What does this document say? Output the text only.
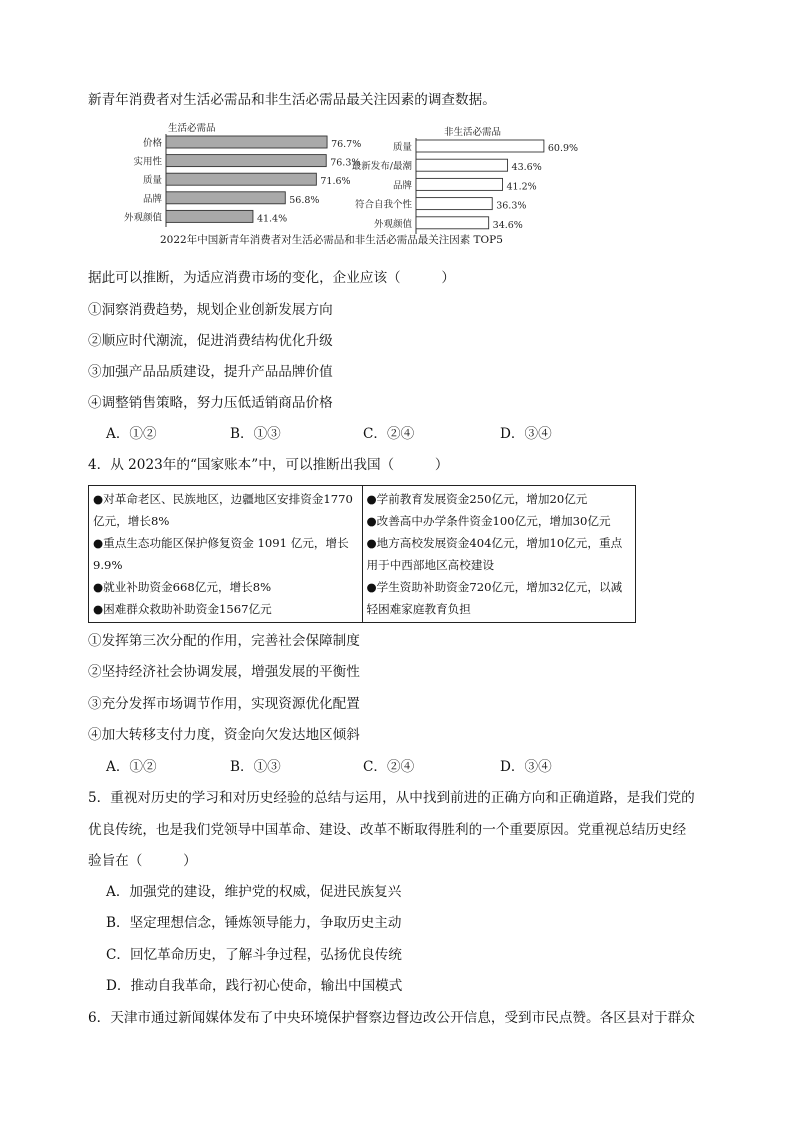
新青年消费者对生活必需品和非生活必需品最关注因素的调查数据。
生活必需品
价格	76.7%
实用性	76.3%
质量	71.6%
品牌	56.8%
外观颜值	41.4%
非生活必需品
质量	60.9%
最新发布/最潮	43.6%
品牌	41.2%
符合自我个性	36.3%
外观颜值	34.6%
2022年中国新青年消费者对生活必需品和非生活必需品最关注因素 TOP5
据此可以推断，为适应消费市场的变化，企业应该（　　　）
①洞察消费趋势，规划企业创新发展方向
②顺应时代潮流，促进消费结构优化升级
③加强产品品质建设，提升产品品牌价值
④调整销售策略，努力压低适销商品价格
A．①②	B．①③	C．②④	D．③④
4．从 2023年的“国家账本”中，可以推断出我国（　　　）
●对革命老区、民族地区，边疆地区安排资金1770亿元，增长8%
●重点生态功能区保护修复资金 1091 亿元，增长9.9%
●就业补助资金668亿元，增长8%
●困难群众救助补助资金1567亿元

●学前教育发展资金250亿元，增加20亿元
●改善高中办学条件资金100亿元，增加30亿元
●地方高校发展资金404亿元，增加10亿元，重点用于中西部地区高校建设
●学生资助补助资金720亿元，增加32亿元，以减轻困难家庭教育负担
①发挥第三次分配的作用，完善社会保障制度
②坚持经济社会协调发展，增强发展的平衡性
③充分发挥市场调节作用，实现资源优化配置
④加大转移支付力度，资金向欠发达地区倾斜
A．①②	B．①③	C．②④	D．③④
5．重视对历史的学习和对历史经验的总结与运用，从中找到前进的正确方向和正确道路，是我们党的
优良传统，也是我们党领导中国革命、建设、改革不断取得胜利的一个重要原因。党重视总结历史经
验旨在（　　　）
A．加强党的建设，维护党的权威，促进民族复兴
B．坚定理想信念，锤炼领导能力，争取历史主动
C．回忆革命历史，了解斗争过程，弘扬优良传统
D．推动自我革命，践行初心使命，输出中国模式
6．天津市通过新闻媒体发布了中央环境保护督察边督边改公开信息，受到市民点赞。各区县对于群众
